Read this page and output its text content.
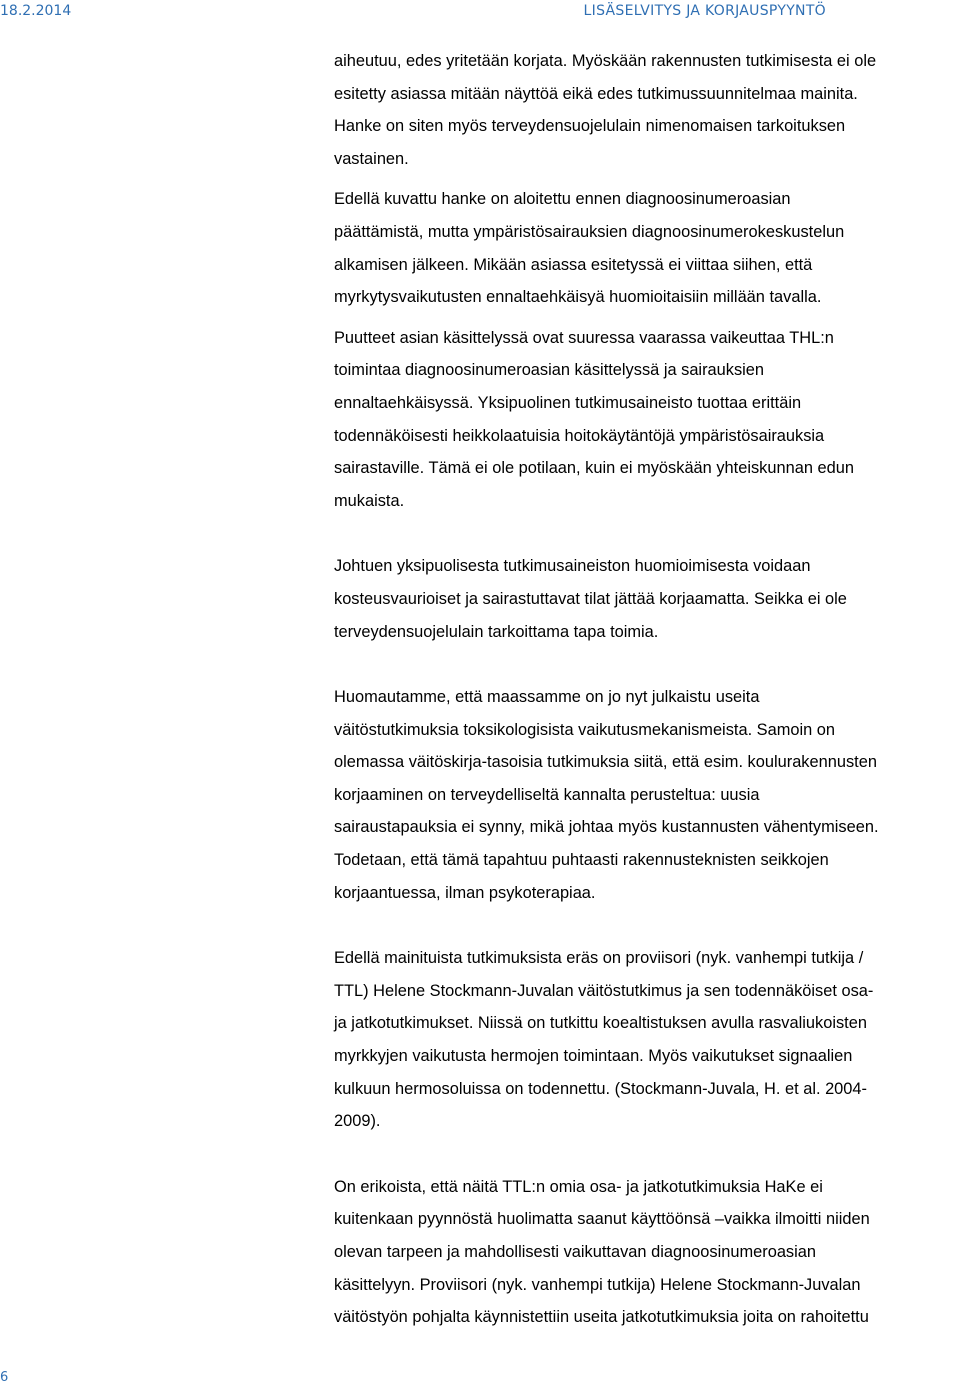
18.2.2014	LISÄSELVITYS JA KORJAUSPYYNTÖ
aiheutuu, edes yritetään korjata. Myöskään rakennusten tutkimisesta ei ole
esitetty asiassa mitään näyttöä eikä edes tutkimussuunnitelmaa mainita.
Hanke on siten myös terveydensuojelulain nimenomaisen tarkoituksen
vastainen.
Edellä kuvattu hanke on aloitettu ennen diagnoosinumeroasian
päättämistä, mutta ympäristösairauksien diagnoosinumerokeskustelun
alkamisen jälkeen. Mikään asiassa esitetyssä ei viittaa siihen, että
myrkytysvaikutusten ennaltaehkäisyä huomioitaisiin millään tavalla.
Puutteet asian käsittelyssä ovat suuressa vaarassa vaikeuttaa THL:n
toimintaa diagnoosinumeroasian käsittelyssä ja sairauksien
ennaltaehkäisyssä. Yksipuolinen tutkimusaineisto tuottaa erittäin
todennäköisesti heikkolaatuisia hoitokäytäntöjä ympäristösairauksia
sairastaville. Tämä ei ole potilaan, kuin ei myöskään yhteiskunnan edun
mukaista.
Johtuen yksipuolisesta tutkimusaineiston huomioimisesta voidaan
kosteusvaurioiset ja sairastuttavat tilat jättää korjaamatta. Seikka ei ole
terveydensuojelulain tarkoittama tapa toimia.
Huomautamme, että maassamme on jo nyt julkaistu useita
väitöstutkimuksia toksikologisista vaikutusmekanismeista. Samoin on
olemassa väitöskirja-tasoisia tutkimuksia siitä, että esim. koulurakennusten
korjaaminen on terveydelliseltä kannalta perusteltua: uusia
sairaustapauksia ei synny, mikä johtaa myös kustannusten vähentymiseen.
Todetaan, että tämä tapahtuu puhtaasti rakennusteknisten seikkojen
korjaantuessa, ilman psykoterapiaa.
Edellä mainituista tutkimuksista eräs on proviisori (nyk. vanhempi tutkija /
TTL) Helene Stockmann-Juvalan väitöstutkimus ja sen todennäköiset osa-
ja jatkotutkimukset. Niissä on tutkittu koealtistuksen avulla rasvaliukoisten
myrkkyjen vaikutusta hermojen toimintaan. Myös vaikutukset signaalien
kulkuun hermosoluissa on todennettu. (Stockmann-Juvala, H. et al. 2004-
2009).
On erikoista, että näitä TTL:n omia osa- ja jatkotutkimuksia HaKe ei
kuitenkaan pyynnöstä huolimatta saanut käyttöönsä –vaikka ilmoitti niiden
olevan tarpeen ja mahdollisesti vaikuttavan diagnoosinumeroasian
käsittelyyn. Proviisori (nyk. vanhempi tutkija) Helene Stockmann-Juvalan
väitöstyön pohjalta käynnistettiin useita jatkotutkimuksia joita on rahoitettu
6
